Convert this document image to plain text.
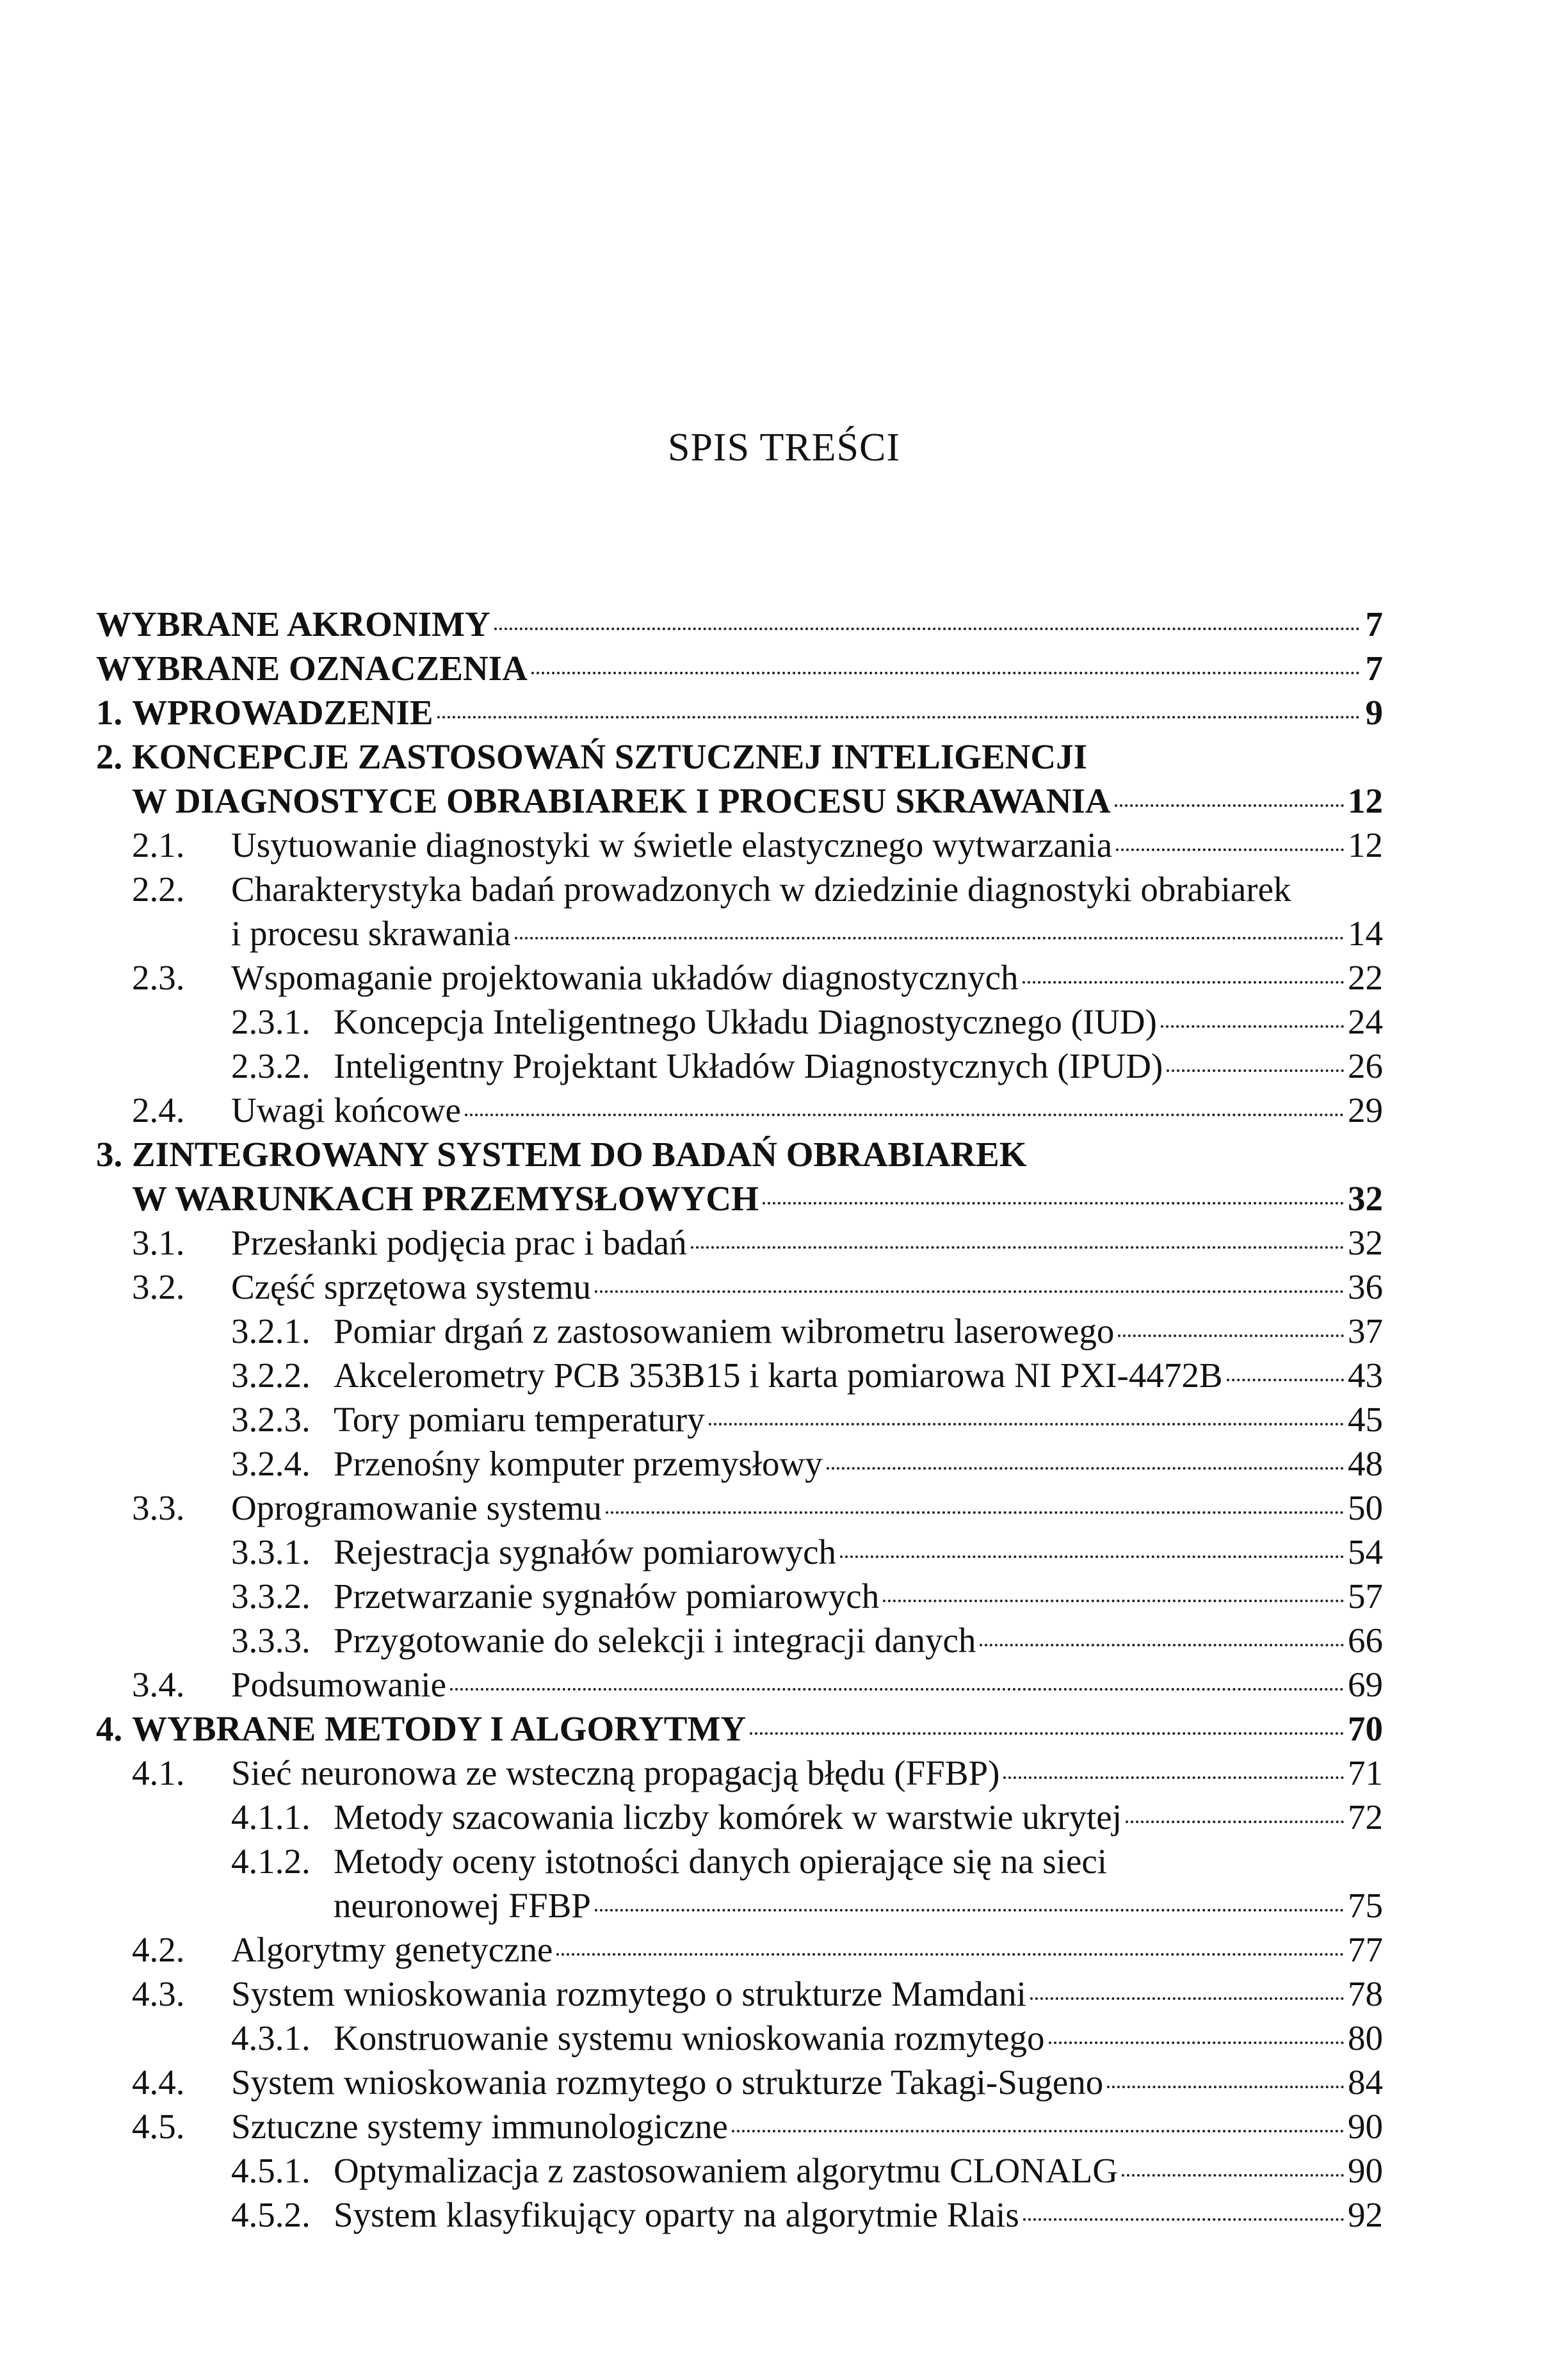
SPIS TREŚCI
WYBRANE AKRONIMY	7
WYBRANE OZNACZENIA	7
1. WPROWADZENIE	9
2. KONCEPCJE ZASTOSOWAŃ SZTUCZNEJ INTELIGENCJI
W DIAGNOSTYCE OBRABIAREK I PROCESU SKRAWANIA	12
2.1.	Usytuowanie diagnostyki w świetle elastycznego wytwarzania	12
2.2.	Charakterystyka badań prowadzonych w dziedzinie diagnostyki obrabiarek
i procesu skrawania	14
2.3.	Wspomaganie projektowania układów diagnostycznych	22
2.3.1. Koncepcja Inteligentnego Układu Diagnostycznego (IUD)	24
2.3.2. Inteligentny Projektant Układów Diagnostycznych (IPUD)	26
2.4.	Uwagi końcowe	29
3. ZINTEGROWANY SYSTEM DO BADAŃ OBRABIAREK
W WARUNKACH PRZEMYSŁOWYCH	32
3.1.	Przesłanki podjęcia prac i badań	32
3.2.	Część sprzętowa systemu	36
3.2.1. Pomiar drgań z zastosowaniem wibrometru laserowego	37
3.2.2. Akcelerometry PCB 353B15 i karta pomiarowa NI PXI-4472B	43
3.2.3. Tory pomiaru temperatury	45
3.2.4. Przenośny komputer przemysłowy	48
3.3.	Oprogramowanie systemu	50
3.3.1. Rejestracja sygnałów pomiarowych	54
3.3.2. Przetwarzanie sygnałów pomiarowych	57
3.3.3. Przygotowanie do selekcji i integracji danych	66
3.4.	Podsumowanie	69
4. WYBRANE METODY I ALGORYTMY	70
4.1.	Sieć neuronowa ze wsteczną propagacją błędu (FFBP)	71
4.1.1. Metody szacowania liczby komórek w warstwie ukrytej	72
4.1.2. Metody oceny istotności danych opierające się na sieci
neuronowej FFBP	75
4.2.	Algorytmy genetyczne	77
4.3.	System wnioskowania rozmytego o strukturze Mamdani	78
4.3.1. Konstruowanie systemu wnioskowania rozmytego	80
4.4.	System wnioskowania rozmytego o strukturze Takagi-Sugeno	84
4.5.	Sztuczne systemy immunologiczne	90
4.5.1. Optymalizacja z zastosowaniem algorytmu CLONALG	90
4.5.2. System klasyfikujący oparty na algorytmie Rlais	92
